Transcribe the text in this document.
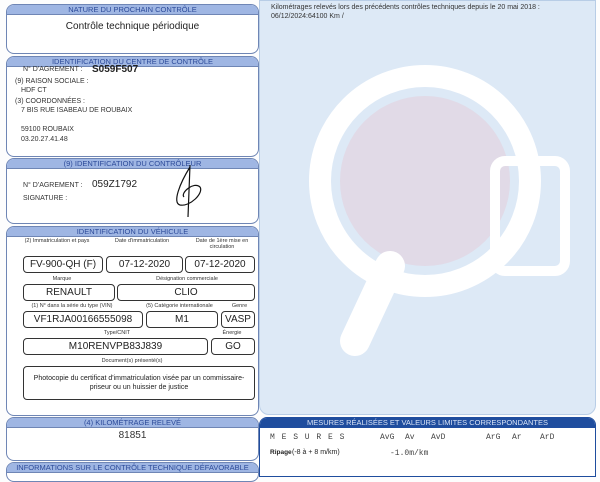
NATURE DU PROCHAIN CONTRÔLE
Contrôle technique périodique
IDENTIFICATION DU CENTRE DE CONTRÔLE
N° D'AGREMENT : S059F507
(9) RAISON SOCIALE :
HDF CT
(3) COORDONNÉES :
7 BIS RUE ISABEAU DE ROUBAIX
59100 ROUBAIX
03.20.27.41.48
(9) IDENTIFICATION DU CONTRÔLEUR
N° D'AGREMENT : 059Z1792
SIGNATURE :
IDENTIFICATION DU VÉHICULE
(2) Immatriculation et pays	Date d'immatriculation	Date de 1ère mise en circulation
FV-900-QH (F)	07-12-2020	07-12-2020
Marque	Désignation commerciale
RENAULT	CLIO
(1) N° dans la série du type (VIN)	(5) Catégorie internationale	Genre
VF1RJA00166555098	M1	VASP
Type/CNIT	Énergie
M10RENVPB83J839	GO
Document(s) présenté(s)
Photocopie du certificat d'immatriculation visée par un commissaire-priseur ou un huissier de justice
(4) KILOMÉTRAGE RELEVÉ
81851
INFORMATIONS SUR LE CONTRÔLE TECHNIQUE DÉFAVORABLE
Kilométrages relevés lors des précédents contrôles techniques depuis le 20 mai 2018 :
06/12/2024:64100 Km /
MESURES RÉALISÉES ET VALEURS LIMITES CORRESPONDANTES
M E S U R E S	AvG Av AvD	ArG Ar ArD
Ripage (-8 à + 8 m/km)	-1.0m/km
